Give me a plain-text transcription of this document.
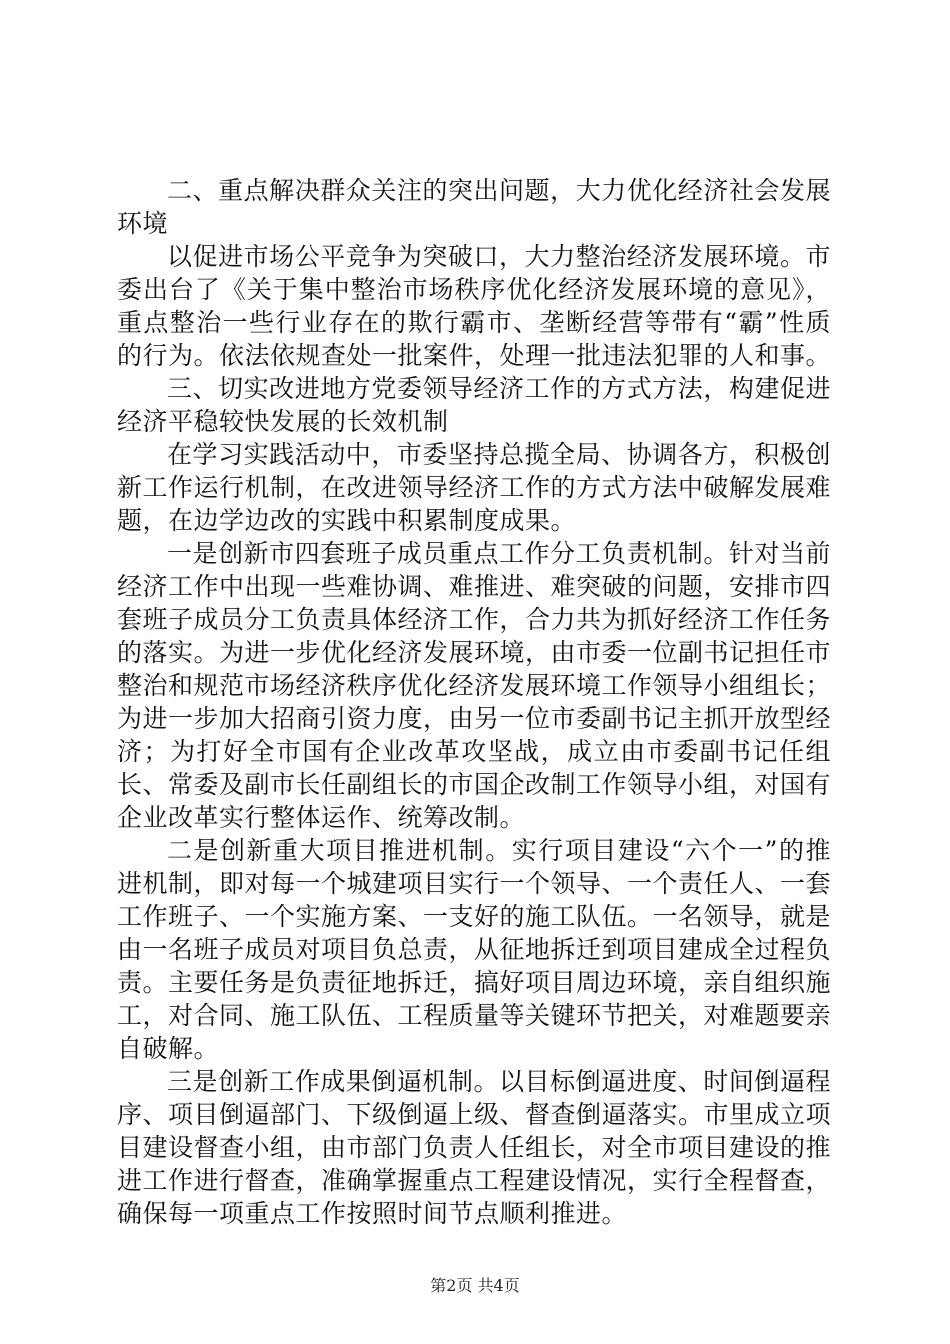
二、重点解决群众关注的突出问题，大力优化经济社会发展环境

以促进市场公平竞争为突破口，大力整治经济发展环境。市委出台了《关于集中整治市场秩序优化经济发展环境的意见》，重点整治一些行业存在的欺行霸市、垄断经营等带有“霸”性质的行为。依法依规查处一批案件，处理一批违法犯罪的人和事。

三、切实改进地方党委领导经济工作的方式方法，构建促进经济平稳较快发展的长效机制

在学习实践活动中，市委坚持总揽全局、协调各方，积极创新工作运行机制，在改进领导经济工作的方式方法中破解发展难题，在边学边改的实践中积累制度成果。

一是创新市四套班子成员重点工作分工负责机制。针对当前经济工作中出现一些难协调、难推进、难突破的问题，安排市四套班子成员分工负责具体经济工作，合力共为抓好经济工作任务的落实。为进一步优化经济发展环境，由市委一位副书记担任市整治和规范市场经济秩序优化经济发展环境工作领导小组组长；为进一步加大招商引资力度，由另一位市委副书记主抓开放型经济；为打好全市国有企业改革攻坚战，成立由市委副书记任组长、常委及副市长任副组长的市国企改制工作领导小组，对国有企业改革实行整体运作、统筹改制。

二是创新重大项目推进机制。实行项目建设“六个一”的推进机制，即对每一个城建项目实行一个领导、一个责任人、一套工作班子、一个实施方案、一支好的施工队伍。一名领导，就是由一名班子成员对项目负总责，从征地拆迁到项目建成全过程负责。主要任务是负责征地拆迁，搞好项目周边环境，亲自组织施工，对合同、施工队伍、工程质量等关键环节把关，对难题要亲自破解。

三是创新工作成果倒逼机制。以目标倒逼进度、时间倒逼程序、项目倒逼部门、下级倒逼上级、督查倒逼落实。市里成立项目建设督查小组，由市部门负责人任组长，对全市项目建设的推进工作进行督查，准确掌握重点工程建设情况，实行全程督查，确保每一项重点工作按照时间节点顺利推进。

第2页 共4页
